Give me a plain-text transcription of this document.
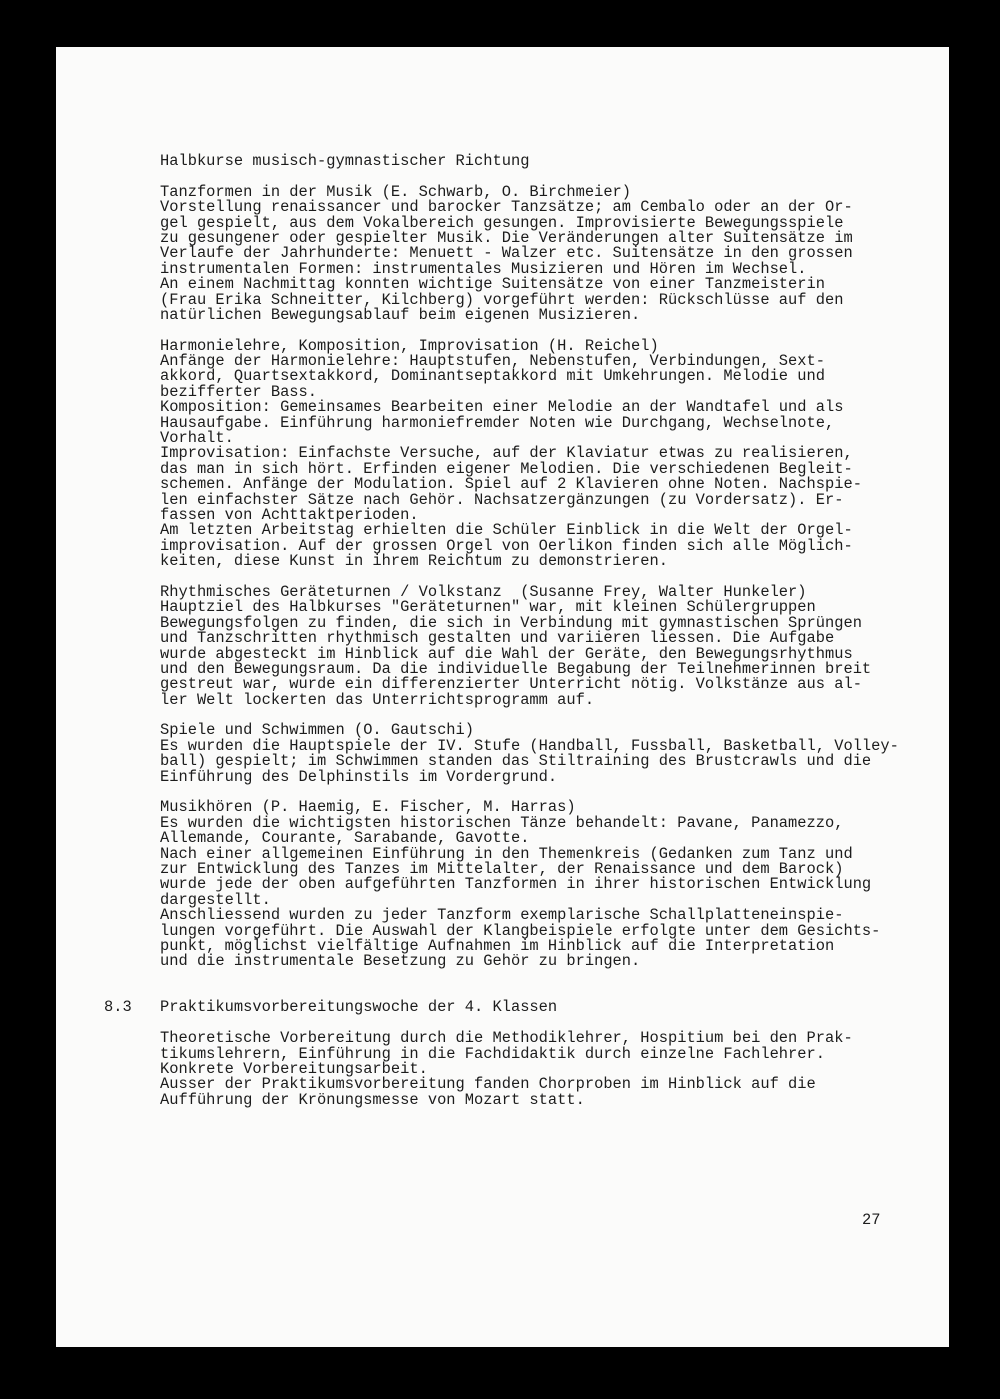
Halbkurse musisch-gymnastischer Richtung
Tanzformen in der Musik (E. Schwarb, O. Birchmeier)
Vorstellung renaissancer und barocker Tanzsätze; am Cembalo oder an der Or-
gel gespielt, aus dem Vokalbereich gesungen. Improvisierte Bewegungsspiele
zu gesungener oder gespielter Musik. Die Veränderungen alter Suitensätze im
Verlaufe der Jahrhunderte: Menuett - Walzer etc. Suitensätze in den grossen
instrumentalen Formen: instrumentales Musizieren und Hören im Wechsel.
An einem Nachmittag konnten wichtige Suitensätze von einer Tanzmeisterin
(Frau Erika Schneitter, Kilchberg) vorgeführt werden: Rückschlüsse auf den
natürlichen Bewegungsablauf beim eigenen Musizieren.
Harmonielehre, Komposition, Improvisation (H. Reichel)
Anfänge der Harmonielehre: Hauptstufen, Nebenstufen, Verbindungen, Sext-
akkord, Quartsextakkord, Dominantseptakkord mit Umkehrungen. Melodie und
bezifferter Bass.
Komposition: Gemeinsames Bearbeiten einer Melodie an der Wandtafel und als
Hausaufgabe. Einführung harmoniefremder Noten wie Durchgang, Wechselnote,
Vorhalt.
Improvisation: Einfachste Versuche, auf der Klaviatur etwas zu realisieren,
das man in sich hört. Erfinden eigener Melodien. Die verschiedenen Begleit-
schemen. Anfänge der Modulation. Spiel auf 2 Klavieren ohne Noten. Nachspie-
len einfachster Sätze nach Gehör. Nachsatzergänzungen (zu Vordersatz). Er-
fassen von Achttaktperioden.
Am letzten Arbeitstag erhielten die Schüler Einblick in die Welt der Orgel-
improvisation. Auf der grossen Orgel von Oerlikon finden sich alle Möglich-
keiten, diese Kunst in ihrem Reichtum zu demonstrieren.
Rhythmisches Geräteturnen / Volkstanz  (Susanne Frey, Walter Hunkeler)
Hauptziel des Halbkurses "Geräteturnen" war, mit kleinen Schülergruppen
Bewegungsfolgen zu finden, die sich in Verbindung mit gymnastischen Sprüngen
und Tanzschritten rhythmisch gestalten und variieren liessen. Die Aufgabe
wurde abgesteckt im Hinblick auf die Wahl der Geräte, den Bewegungsrhythmus
und den Bewegungsraum. Da die individuelle Begabung der Teilnehmerinnen breit
gestreut war, wurde ein differenzierter Unterricht nötig. Volkstänze aus al-
ler Welt lockerten das Unterrichtsprogramm auf.
Spiele und Schwimmen (O. Gautschi)
Es wurden die Hauptspiele der IV. Stufe (Handball, Fussball, Basketball, Volley-
ball) gespielt; im Schwimmen standen das Stiltraining des Brustcrawls und die
Einführung des Delphinstils im Vordergrund.
Musikhören (P. Haemig, E. Fischer, M. Harras)
Es wurden die wichtigsten historischen Tänze behandelt: Pavane, Panamezzo,
Allemande, Courante, Sarabande, Gavotte.
Nach einer allgemeinen Einführung in den Themenkreis (Gedanken zum Tanz und
zur Entwicklung des Tanzes im Mittelalter, der Renaissance und dem Barock)
wurde jede der oben aufgeführten Tanzformen in ihrer historischen Entwicklung
dargestellt.
Anschliessend wurden zu jeder Tanzform exemplarische Schallplatteneinspie-
lungen vorgeführt. Die Auswahl der Klangbeispiele erfolgte unter dem Gesichts-
punkt, möglichst vielfältige Aufnahmen im Hinblick auf die Interpretation
und die instrumentale Besetzung zu Gehör zu bringen.
8.3 Praktikumsvorbereitungswoche der 4. Klassen
Theoretische Vorbereitung durch die Methodiklehrer, Hospitium bei den Prak-
tikumslehrern, Einführung in die Fachdidaktik durch einzelne Fachlehrer.
Konkrete Vorbereitungsarbeit.
Ausser der Praktikumsvorbereitung fanden Chorproben im Hinblick auf die
Aufführung der Krönungsmesse von Mozart statt.
27
